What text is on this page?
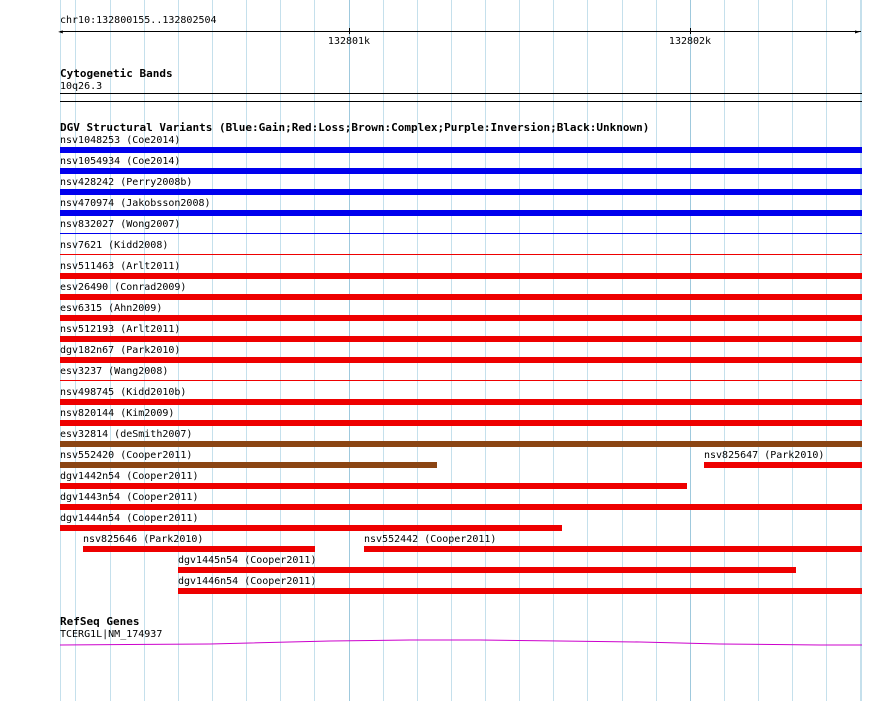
chr10:132800155..132802504
◄	►
132801k	132802k
Cytogenetic Bands
10q26.3
DGV Structural Variants (Blue:Gain;Red:Loss;Brown:Complex;Purple:Inversion;Black:Unknown)
nsv1048253 (Coe2014)
nsv1054934 (Coe2014)
nsv428242 (Perry2008b)
nsv470974 (Jakobsson2008)
nsv832027 (Wong2007)
nsv7621 (Kidd2008)
nsv511463 (Arlt2011)
esv26490 (Conrad2009)
esv6315 (Ahn2009)
nsv512193 (Arlt2011)
dgv182n67 (Park2010)
esv3237 (Wang2008)
nsv498745 (Kidd2010b)
nsv820144 (Kim2009)
esv32814 (deSmith2007)
nsv552420 (Cooper2011)	nsv825647 (Park2010)
dgv1442n54 (Cooper2011)
dgv1443n54 (Cooper2011)
dgv1444n54 (Cooper2011)
nsv825646 (Park2010)	nsv552442 (Cooper2011)
dgv1445n54 (Cooper2011)
dgv1446n54 (Cooper2011)
RefSeq Genes
TCERG1L|NM_174937
